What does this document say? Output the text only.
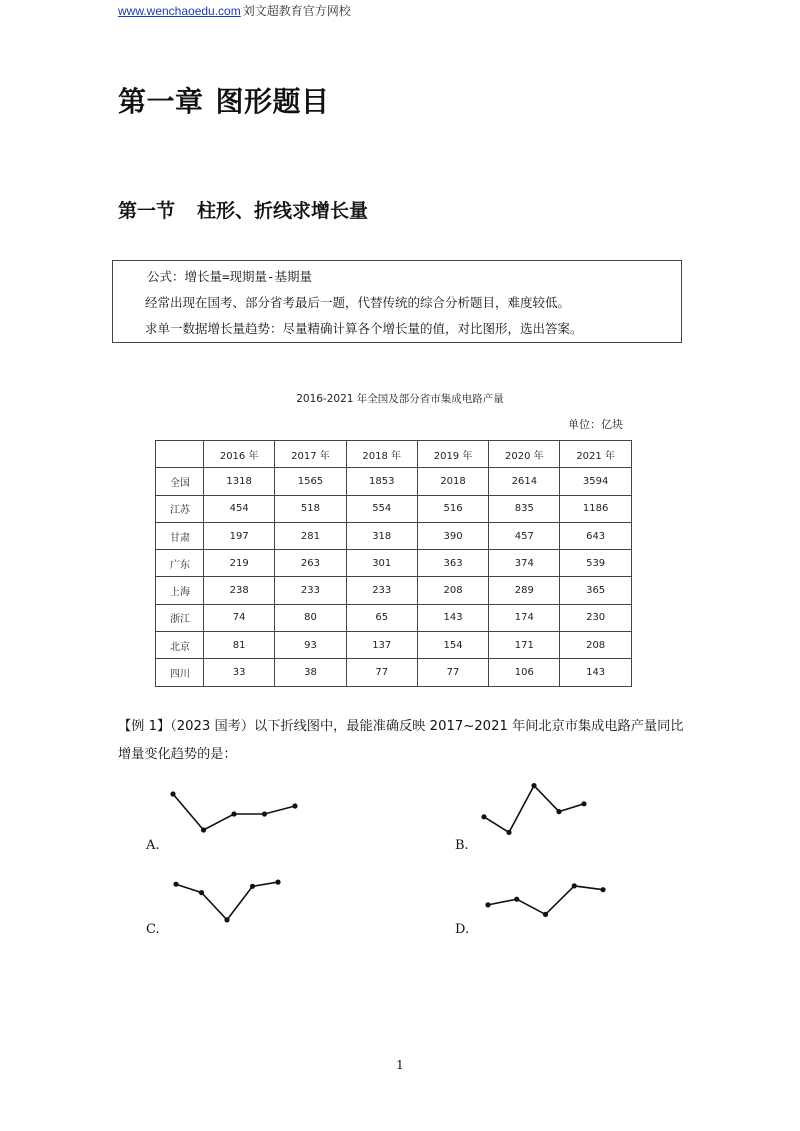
www.wenchaoedu.com 刘文超教育官方网校
第一章 图形题目
第一节 柱形、折线求增长量
公式：增长量=现期量-基期量
经常出现在国考、部分省考最后一题，代替传统的综合分析题目，难度较低。
求单一数据增长量趋势：尽量精确计算各个增长量的值，对比图形，选出答案。
2016-2021 年全国及部分省市集成电路产量
单位：亿块
	2016 年	2017 年	2018 年	2019 年	2020 年	2021 年
全国	1318	1565	1853	2018	2614	3594
江苏	454	518	554	516	835	1186
甘肃	197	281	318	390	457	643
广东	219	263	301	363	374	539
上海	238	233	233	208	289	365
浙江	74	80	65	143	174	230
北京	81	93	137	154	171	208
四川	33	38	77	77	106	143
【例 1】（2023 国考）以下折线图中，最能准确反映 2017~2021 年间北京市集成电路产量同比增量变化趋势的是：
A.	B.
C.	D.
1
